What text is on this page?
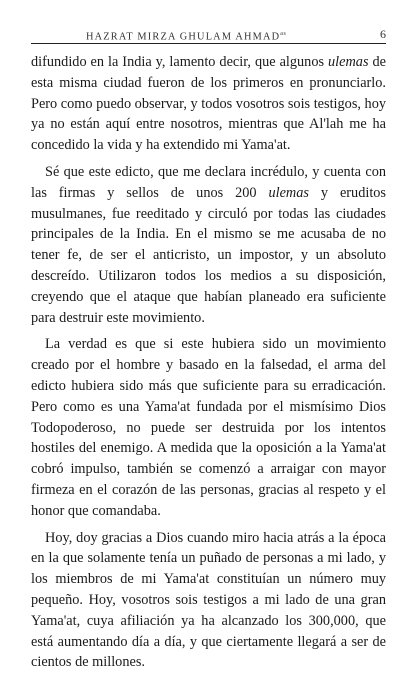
HAZRAT MIRZA GHULAM $AHMAD^{as}$	6

difundido en la India y, lamento decir, que algunos ulemas de esta misma ciudad fueron de los primeros en pronunciarlo. Pero como puedo observar, y todos vosotros sois testigos, hoy ya no están aquí entre nosotros, mientras que Al'lah me ha concedido la vida y ha extendido mi Yama'at.

Sé que este edicto, que me declara incrédulo, y cuenta con las firmas y sellos de unos 200 ulemas y eruditos musulmanes, fue reeditado y circuló por todas las ciudades principales de la India. En el mismo se me acusaba de no tener fe, de ser el anticristo, un impostor, y un absoluto descreído. Utilizaron todos los medios a su disposición, creyendo que el ataque que habían planeado era suficiente para destruir este movimiento.

La verdad es que si este hubiera sido un movimiento creado por el hombre y basado en la falsedad, el arma del edicto hubiera sido más que suficiente para su erradicación. Pero como es una Yama'at fundada por el mismísimo Dios Todopoderoso, no puede ser destruida por los intentos hostiles del enemigo. A medida que la oposición a la Yama'at cobró impulso, también se comenzó a arraigar con mayor firmeza en el corazón de las personas, gracias al respeto y el honor que comandaba.

Hoy, doy gracias a Dios cuando miro hacia atrás a la época en la que solamente tenía un puñado de personas a mi lado, y los miembros de mi Yama'at constituían un número muy pequeño. Hoy, vosotros sois testigos a mi lado de una gran Yama'at, cuya afiliación ya ha alcanzado los 300,000, que está aumentando día a día, y que ciertamente llegará a ser de cientos de millones.
